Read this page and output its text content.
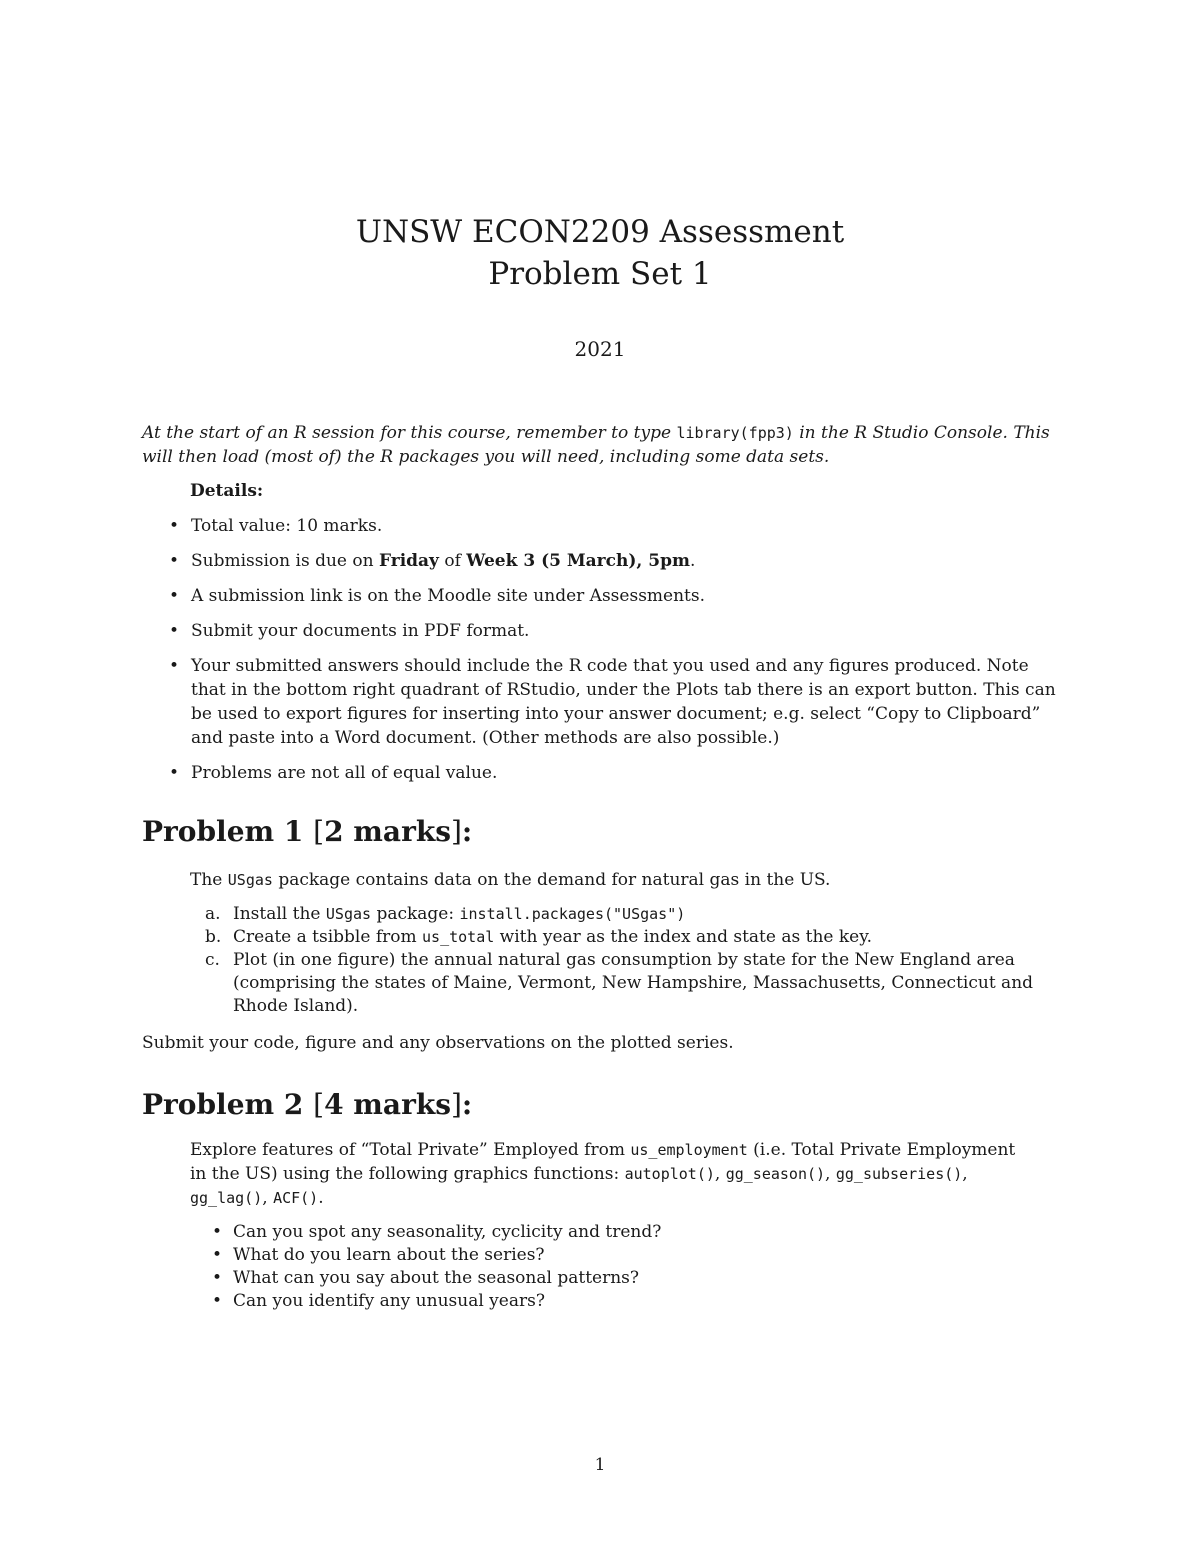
UNSW ECON2209 Assessment
Problem Set 1
2021

At the start of an R session for this course, remember to type library(fpp3) in the R Studio Console. This will then load (most of) the R packages you will need, including some data sets.

Details:
• Total value: 10 marks.
• Submission is due on Friday of Week 3 (5 March), 5pm.
• A submission link is on the Moodle site under Assessments.
• Submit your documents in PDF format.
• Your submitted answers should include the R code that you used and any figures produced. Note that in the bottom right quadrant of RStudio, under the Plots tab there is an export button. This can be used to export figures for inserting into your answer document; e.g. select “Copy to Clipboard” and paste into a Word document. (Other methods are also possible.)
• Problems are not all of equal value.
Problem 1 [2 marks]:

The USgas package contains data on the demand for natural gas in the US.

a. Install the USgas package: install.packages("USgas")
b. Create a tsibble from us_total with year as the index and state as the key.
c. Plot (in one figure) the annual natural gas consumption by state for the New England area (comprising the states of Maine, Vermont, New Hampshire, Massachusetts, Connecticut and Rhode Island).

Submit your code, figure and any observations on the plotted series.

Problem 2 [4 marks]:

Explore features of “Total Private” Employed from us_employment (i.e. Total Private Employment in the US) using the following graphics functions: autoplot(), gg_season(), gg_subseries(), gg_lag(), ACF().

• Can you spot any seasonality, cyclicity and trend?
• What do you learn about the series?
• What can you say about the seasonal patterns?
• Can you identify any unusual years?
1
